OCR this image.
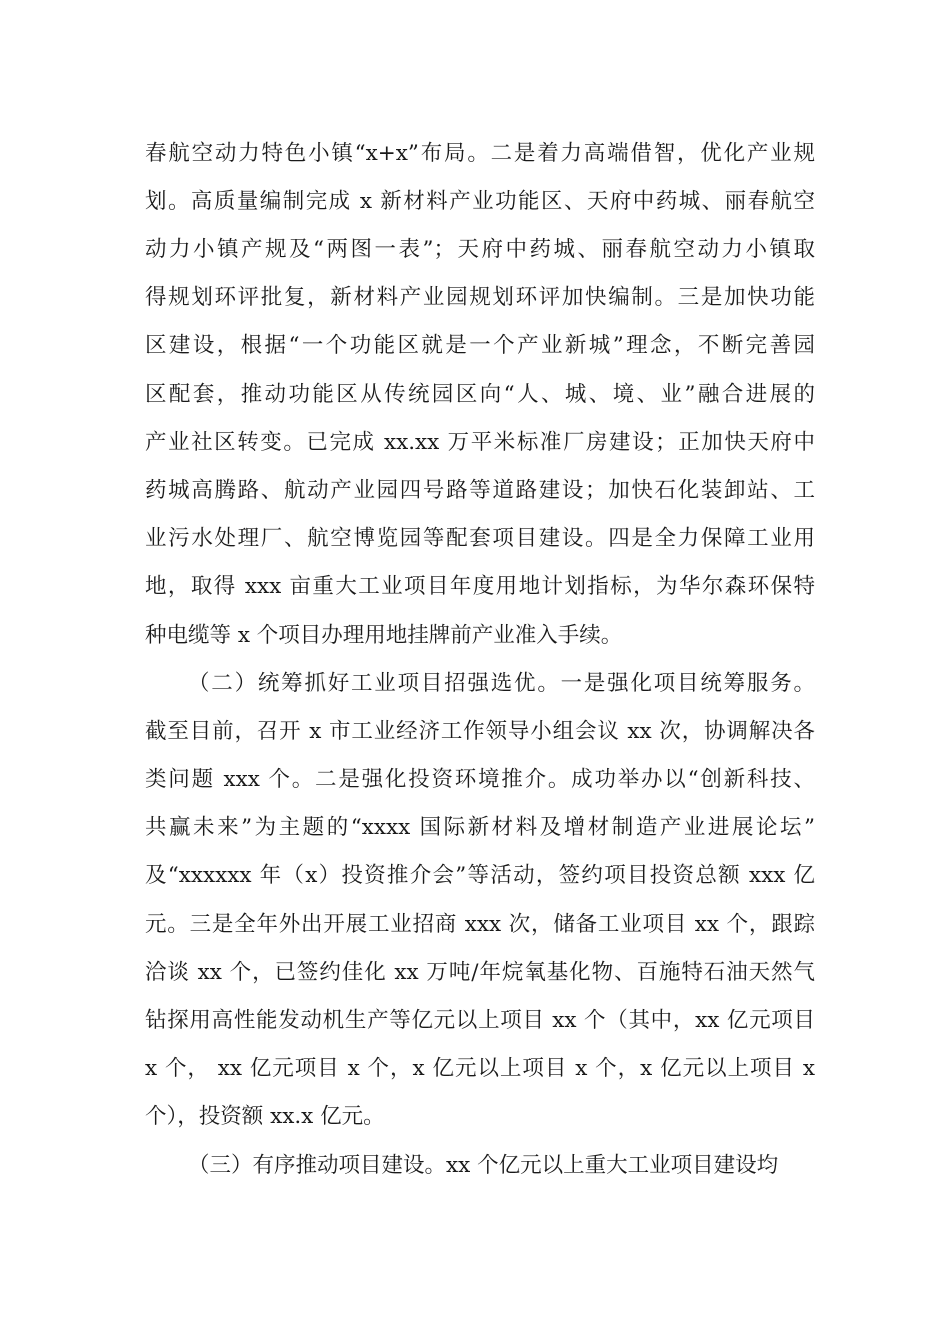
春航空动力特色小镇“x+x”布局。二是着力高端借智，优化产业规
划。高质量编制完成 x 新材料产业功能区、天府中药城、丽春航空
动力小镇产规及“两图一表”；天府中药城、丽春航空动力小镇取
得规划环评批复，新材料产业园规划环评加快编制。三是加快功能
区建设，根据“一个功能区就是一个产业新城”理念，不断完善园
区配套，推动功能区从传统园区向“人、城、境、业”融合进展的
产业社区转变。已完成 xx.xx 万平米标准厂房建设；正加快天府中
药城高腾路、航动产业园四号路等道路建设；加快石化装卸站、工
业污水处理厂、航空博览园等配套项目建设。四是全力保障工业用
地，取得 xxx 亩重大工业项目年度用地计划指标，为华尔森环保特
种电缆等 x 个项目办理用地挂牌前产业准入手续。
（二）统筹抓好工业项目招强选优。一是强化项目统筹服务。
截至目前，召开 x 市工业经济工作领导小组会议 xx 次，协调解决各
类问题 xxx 个。二是强化投资环境推介。成功举办以“创新科技、
共赢未来”为主题的“xxxx 国际新材料及增材制造产业进展论坛”
及“xxxxxx 年（x）投资推介会”等活动，签约项目投资总额 xxx 亿
元。三是全年外出开展工业招商 xxx 次，储备工业项目 xx 个，跟踪
洽谈 xx 个，已签约佳化 xx 万吨/年烷氧基化物、百施特石油天然气
钻探用高性能发动机生产等亿元以上项目 xx 个（其中，xx 亿元项目
x 个， xx 亿元项目 x 个，x 亿元以上项目 x 个，x 亿元以上项目 x
个），投资额 xx.x 亿元。
（三）有序推动项目建设。xx 个亿元以上重大工业项目建设均
